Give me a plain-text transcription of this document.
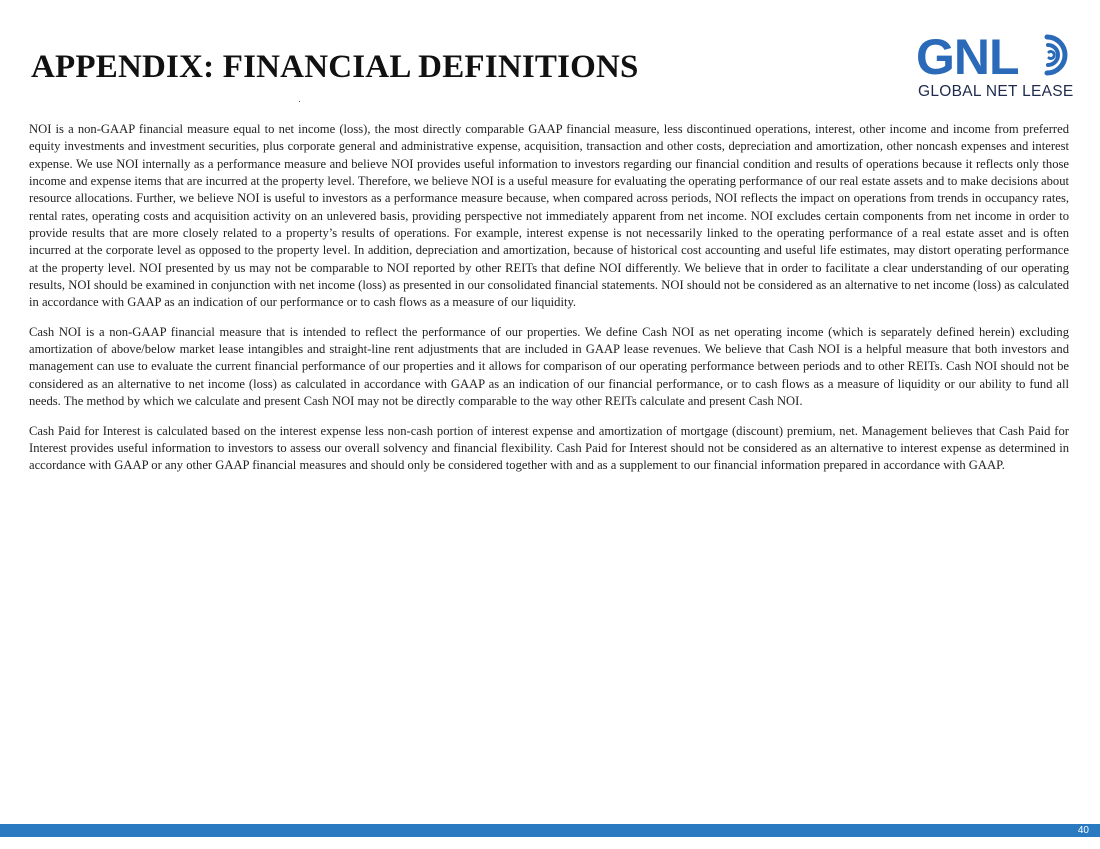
APPENDIX: FINANCIAL DEFINITIONS	GNL
GLOBAL NET LEASE

NOI is a non-GAAP financial measure equal to net income (loss), the most directly comparable GAAP financial measure, less discontinued operations, interest, other income and income from preferred equity investments and investment securities, plus corporate general and administrative expense, acquisition, transaction and other costs, depreciation and amortization, other noncash expenses and interest expense. We use NOI internally as a performance measure and believe NOI provides useful information to investors regarding our financial condition and results of operations because it reflects only those income and expense items that are incurred at the property level. Therefore, we believe NOI is a useful measure for evaluating the operating performance of our real estate assets and to make decisions about resource allocations. Further, we believe NOI is useful to investors as a performance measure because, when compared across periods, NOI reflects the impact on operations from trends in occupancy rates, rental rates, operating costs and acquisition activity on an unlevered basis, providing perspective not immediately apparent from net income. NOI excludes certain components from net income in order to provide results that are more closely related to a property’s results of operations. For example, interest expense is not necessarily linked to the operating performance of a real estate asset and is often incurred at the corporate level as opposed to the property level. In addition, depreciation and amortization, because of historical cost accounting and useful life estimates, may distort operating performance at the property level. NOI presented by us may not be comparable to NOI reported by other REITs that define NOI differently. We believe that in order to facilitate a clear understanding of our operating results, NOI should be examined in conjunction with net income (loss) as presented in our consolidated financial statements. NOI should not be considered as an alternative to net income (loss) as calculated in accordance with GAAP as an indication of our performance or to cash flows as a measure of our liquidity.

Cash NOI is a non-GAAP financial measure that is intended to reflect the performance of our properties. We define Cash NOI as net operating income (which is separately defined herein) excluding amortization of above/below market lease intangibles and straight-line rent adjustments that are included in GAAP lease revenues. We believe that Cash NOI is a helpful measure that both investors and management can use to evaluate the current financial performance of our properties and it allows for comparison of our operating performance between periods and to other REITs. Cash NOI should not be considered as an alternative to net income (loss) as calculated in accordance with GAAP as an indication of our financial performance, or to cash flows as a measure of liquidity or our ability to fund all needs. The method by which we calculate and present Cash NOI may not be directly comparable to the way other REITs calculate and present Cash NOI.

Cash Paid for Interest is calculated based on the interest expense less non-cash portion of interest expense and amortization of mortgage (discount) premium, net. Management believes that Cash Paid for Interest provides useful information to investors to assess our overall solvency and financial flexibility. Cash Paid for Interest should not be considered as an alternative to interest expense as determined in accordance with GAAP or any other GAAP financial measures and should only be considered together with and as a supplement to our financial information prepared in accordance with GAAP.

40
